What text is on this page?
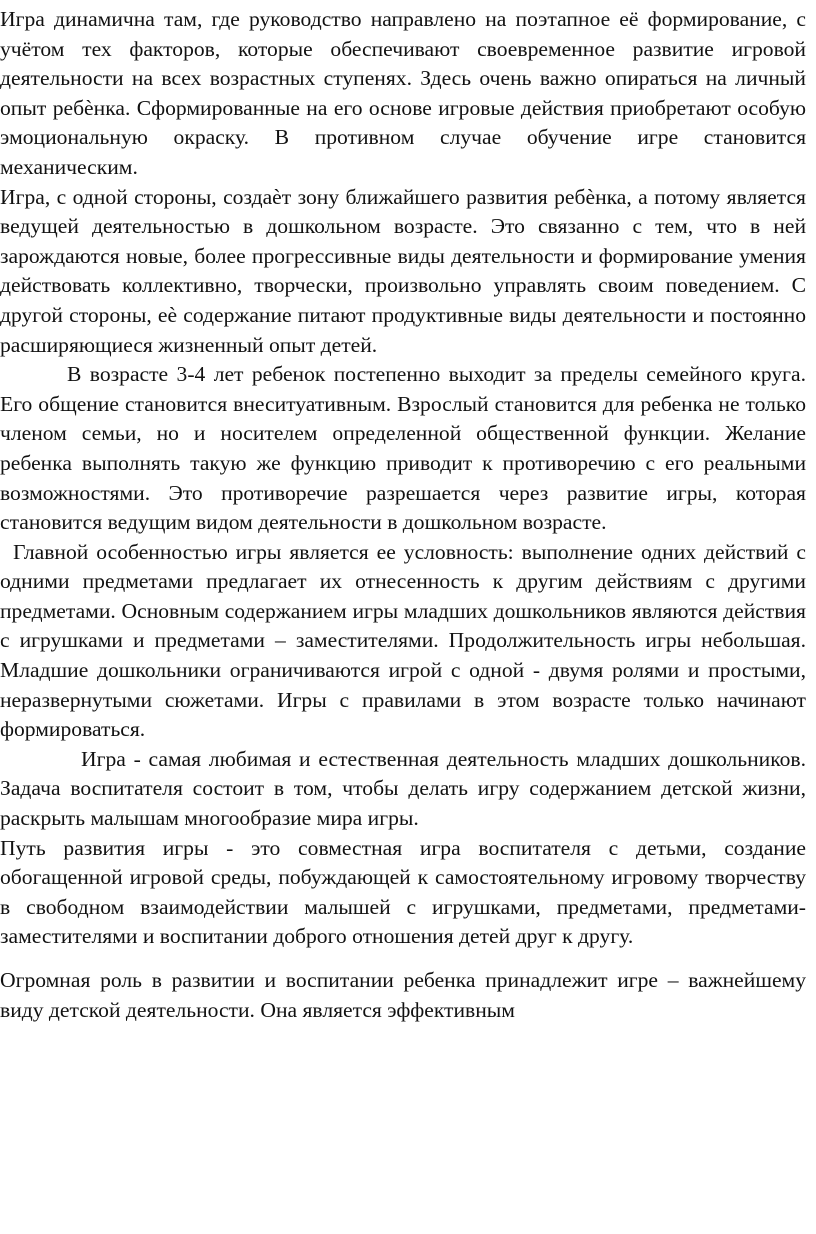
Игра динамична там, где руководство направлено на поэтапное её формирование, с учётом тех факторов, которые обеспечивают своевременное развитие игровой деятельности на всех возрастных ступенях. Здесь очень важно опираться на личный опыт ребѐнка. Сформированные на его основе игровые действия приобретают особую эмоциональную окраску. В противном случае обучение игре становится механическим.

Игра, с одной стороны, создаѐт зону ближайшего развития ребѐнка, а потому является ведущей деятельностью в дошкольном возрасте. Это связанно с тем, что в ней зарождаются новые, более прогрессивные виды деятельности и формирование умения действовать коллективно, творчески, произвольно управлять своим поведением. С другой стороны, еѐ содержание питают продуктивные виды деятельности и постоянно расширяющиеся жизненный опыт детей.

В возрасте 3-4 лет ребенок постепенно выходит за пределы семейного круга. Его общение становится внеситуативным. Взрослый становится для ребенка не только членом семьи, но и носителем определенной общественной функции. Желание ребенка выполнять такую же функцию приводит к противоречию с его реальными возможностями. Это противоречие разрешается через развитие игры, которая становится ведущим видом деятельности в дошкольном возрасте.

Главной особенностью игры является ее условность: выполнение одних действий с одними предметами предлагает их отнесенность к другим действиям с другими предметами. Основным содержанием игры младших дошкольников являются действия с игрушками и предметами – заместителями. Продолжительность игры небольшая. Младшие дошкольники ограничиваются игрой с одной - двумя ролями и простыми, неразвернутыми сюжетами. Игры с правилами в этом возрасте только начинают формироваться.

Игра - самая любимая и естественная деятельность младших дошкольников. Задача воспитателя состоит в том, чтобы делать игру содержанием детской жизни, раскрыть малышам многообразие мира игры.

Путь развития игры - это совместная игра воспитателя с детьми, создание обогащенной игровой среды, побуждающей к самостоятельному игровому творчеству в свободном взаимодействии малышей с игрушками, предметами, предметами-заместителями и воспитании доброго отношения детей друг к другу.

Огромная роль в развитии и воспитании ребенка принадлежит игре – важнейшему виду детской деятельности. Она является эффективным
